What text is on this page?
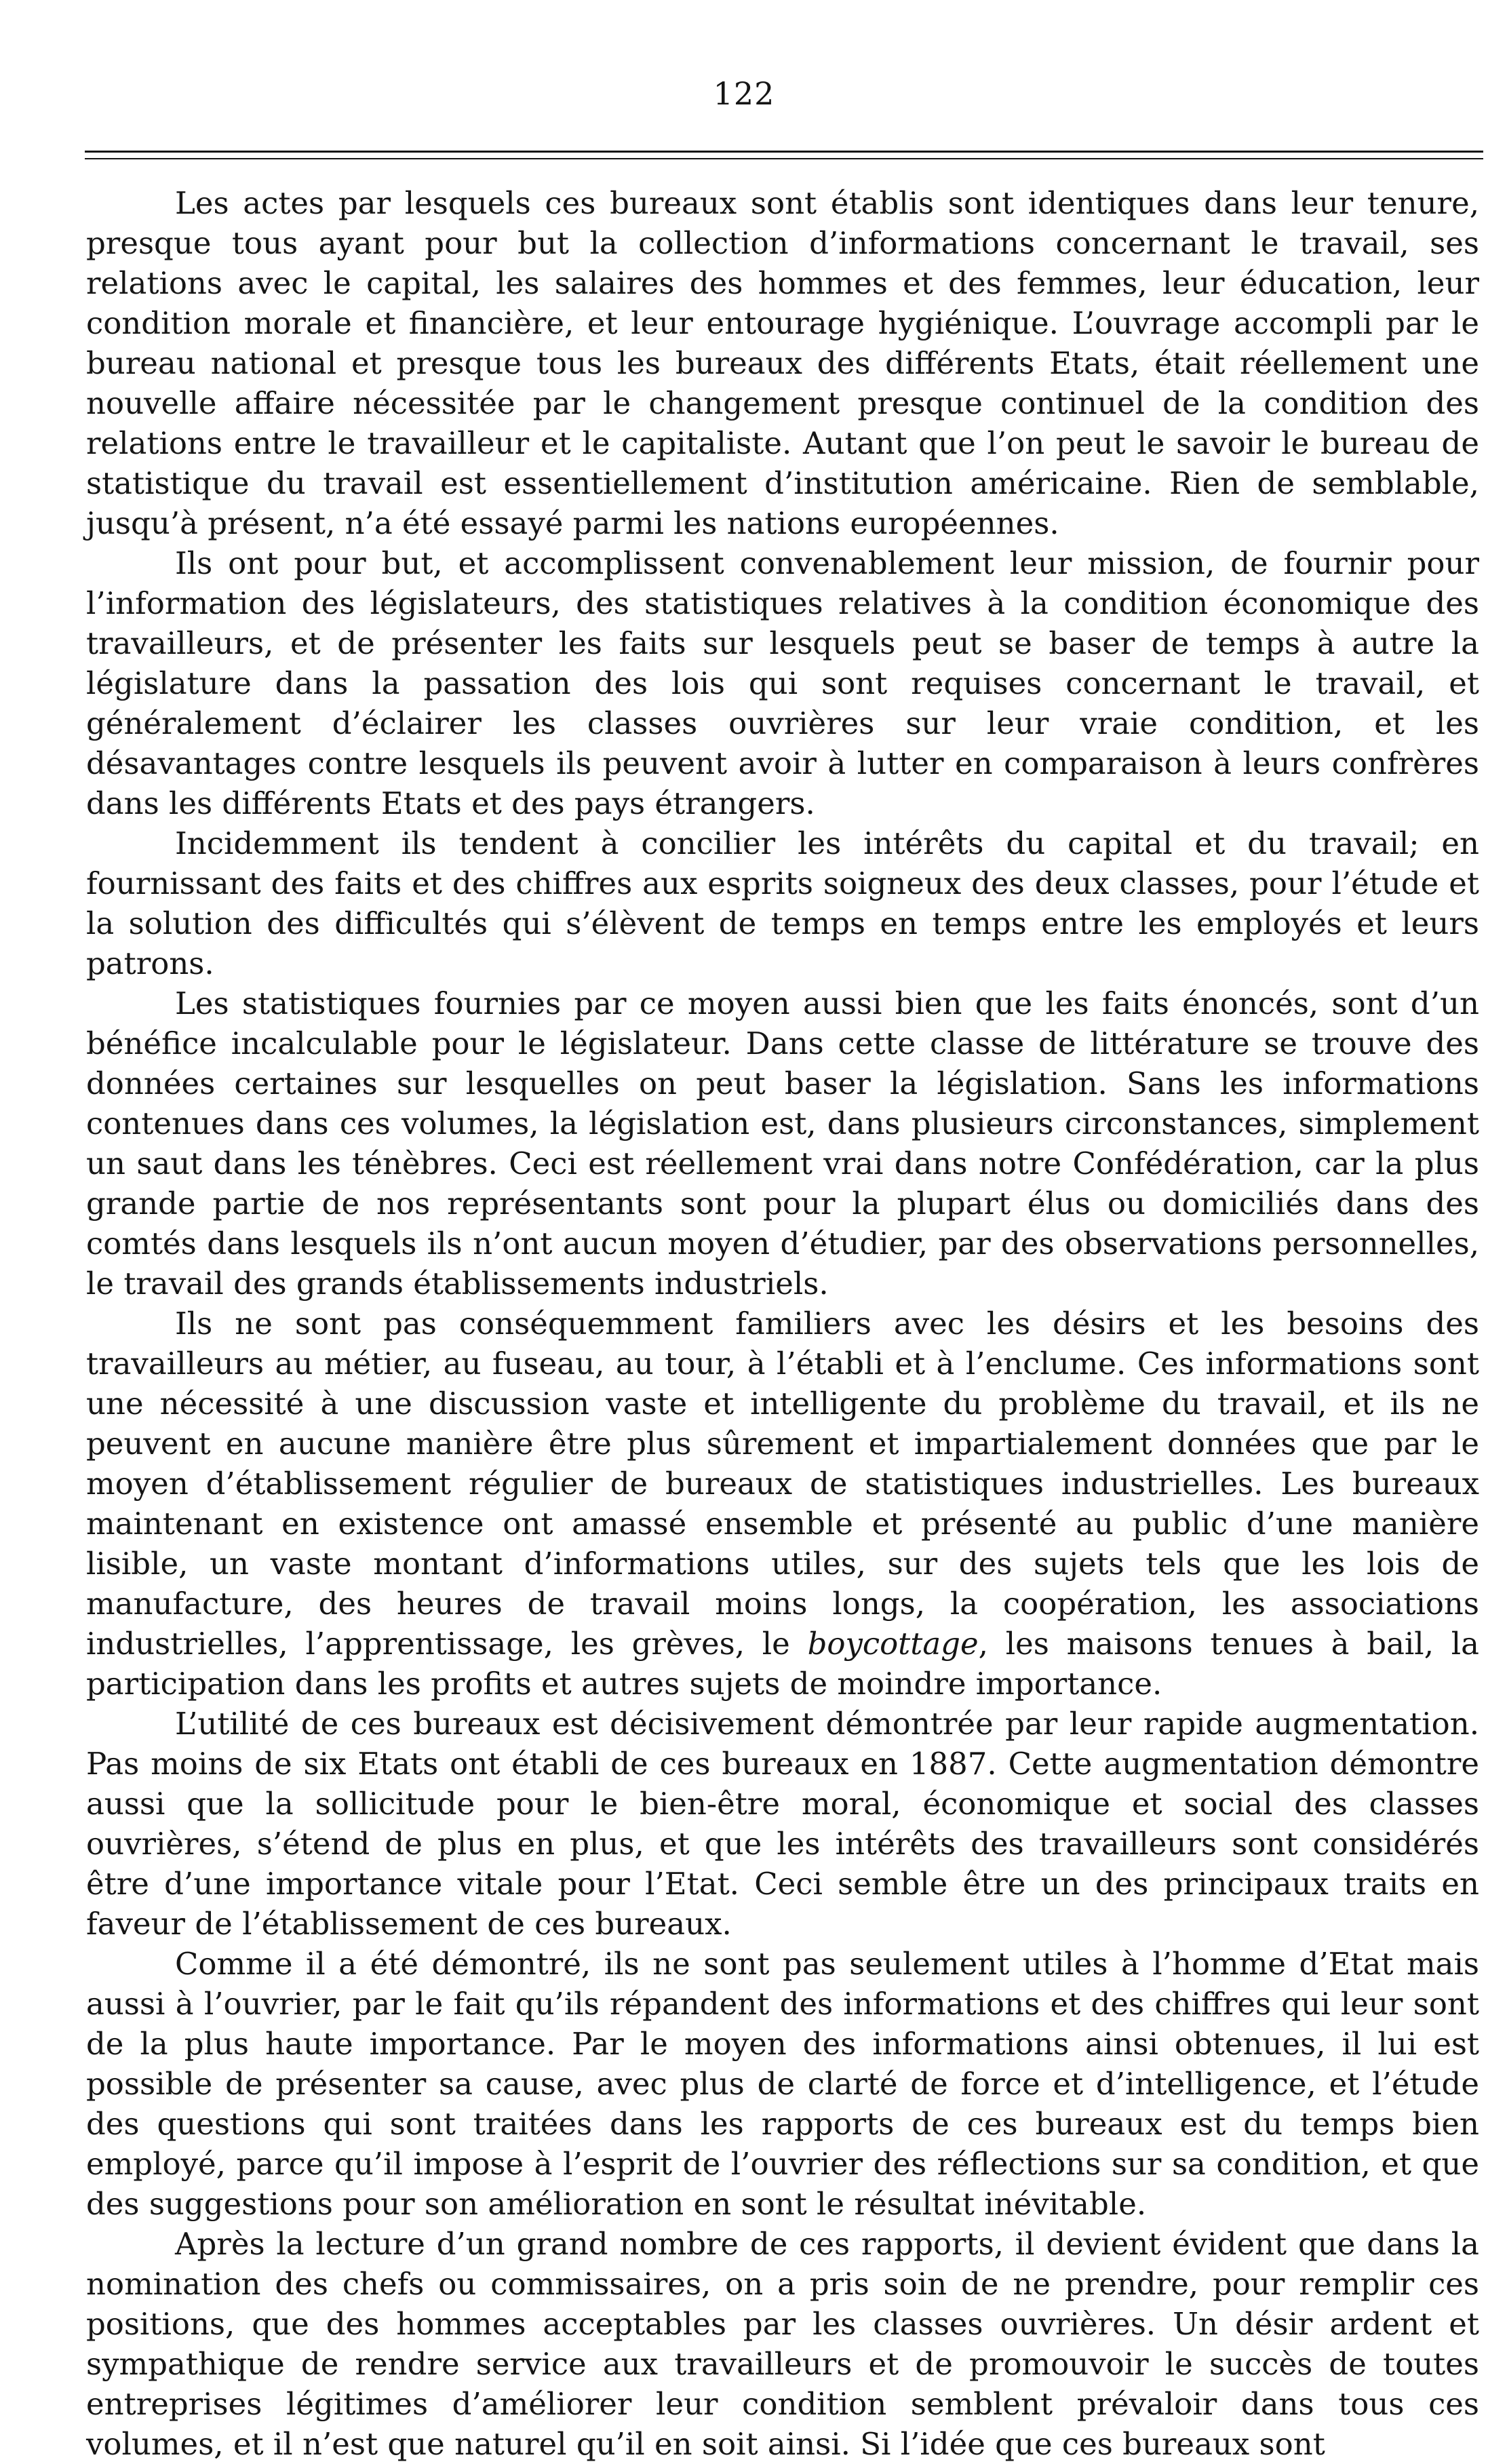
122

Les actes par lesquels ces bureaux sont établis sont identiques dans leur tenure, presque tous ayant pour but la collection d’informations concernant le travail, ses relations avec le capital, les salaires des hommes et des femmes, leur éducation, leur condition morale et financière, et leur entourage hygiénique. L’ouvrage accompli par le bureau national et presque tous les bureaux des différents Etats, était réellement une nouvelle affaire nécessitée par le changement presque continuel de la condition des relations entre le travailleur et le capitaliste. Autant que l’on peut le savoir le bureau de statistique du travail est essentiellement d’institution américaine. Rien de semblable, jusqu’à présent, n’a été essayé parmi les nations européennes.

Ils ont pour but, et accomplissent convenablement leur mission, de fournir pour l’information des législateurs, des statistiques relatives à la condition économique des travailleurs, et de présenter les faits sur lesquels peut se baser de temps à autre la législature dans la passation des lois qui sont requises concernant le travail, et généralement d’éclairer les classes ouvrières sur leur vraie condition, et les désavantages contre lesquels ils peuvent avoir à lutter en comparaison à leurs confrères dans les différents Etats et des pays étrangers.

Incidemment ils tendent à concilier les intérêts du capital et du travail; en fournissant des faits et des chiffres aux esprits soigneux des deux classes, pour l’étude et la solution des difficultés qui s’élèvent de temps en temps entre les employés et leurs patrons.

Les statistiques fournies par ce moyen aussi bien que les faits énoncés, sont d’un bénéfice incalculable pour le législateur. Dans cette classe de littérature se trouve des données certaines sur lesquelles on peut baser la législation. Sans les informations contenues dans ces volumes, la législation est, dans plusieurs circonstances, simplement un saut dans les ténèbres. Ceci est réellement vrai dans notre Confédération, car la plus grande partie de nos représentants sont pour la plupart élus ou domiciliés dans des comtés dans lesquels ils n’ont aucun moyen d’étudier, par des observations personnelles, le travail des grands établissements industriels.

Ils ne sont pas conséquemment familiers avec les désirs et les besoins des travailleurs au métier, au fuseau, au tour, à l’établi et à l’enclume. Ces informations sont une nécessité à une discussion vaste et intelligente du problème du travail, et ils ne peuvent en aucune manière être plus sûrement et impartialement données que par le moyen d’établissement régulier de bureaux de statistiques industrielles. Les bureaux maintenant en existence ont amassé ensemble et présenté au public d’une manière lisible, un vaste montant d’informations utiles, sur des sujets tels que les lois de manufacture, des heures de travail moins longs, la coopération, les associations industrielles, l’apprentissage, les grèves, le boycottage, les maisons tenues à bail, la participation dans les profits et autres sujets de moindre importance.

L’utilité de ces bureaux est décisivement démontrée par leur rapide augmentation. Pas moins de six Etats ont établi de ces bureaux en 1887. Cette augmentation démontre aussi que la sollicitude pour le bien-être moral, économique et social des classes ouvrières, s’étend de plus en plus, et que les intérêts des travailleurs sont considérés être d’une importance vitale pour l’Etat. Ceci semble être un des principaux traits en faveur de l’établissement de ces bureaux.

Comme il a été démontré, ils ne sont pas seulement utiles à l’homme d’Etat mais aussi à l’ouvrier, par le fait qu’ils répandent des informations et des chiffres qui leur sont de la plus haute importance. Par le moyen des informations ainsi obtenues, il lui est possible de présenter sa cause, avec plus de clarté de force et d’intelligence, et l’étude des questions qui sont traitées dans les rapports de ces bureaux est du temps bien employé, parce qu’il impose à l’esprit de l’ouvrier des réflections sur sa condition, et que des suggestions pour son amélioration en sont le résultat inévitable.

Après la lecture d’un grand nombre de ces rapports, il devient évident que dans la nomination des chefs ou commissaires, on a pris soin de ne prendre, pour remplir ces positions, que des hommes acceptables par les classes ouvrières. Un désir ardent et sympathique de rendre service aux travailleurs et de promouvoir le succès de toutes entreprises légitimes d’améliorer leur condition semblent prévaloir dans tous ces volumes, et il n’est que naturel qu’il en soit ainsi. Si l’idée que ces bureaux sont
